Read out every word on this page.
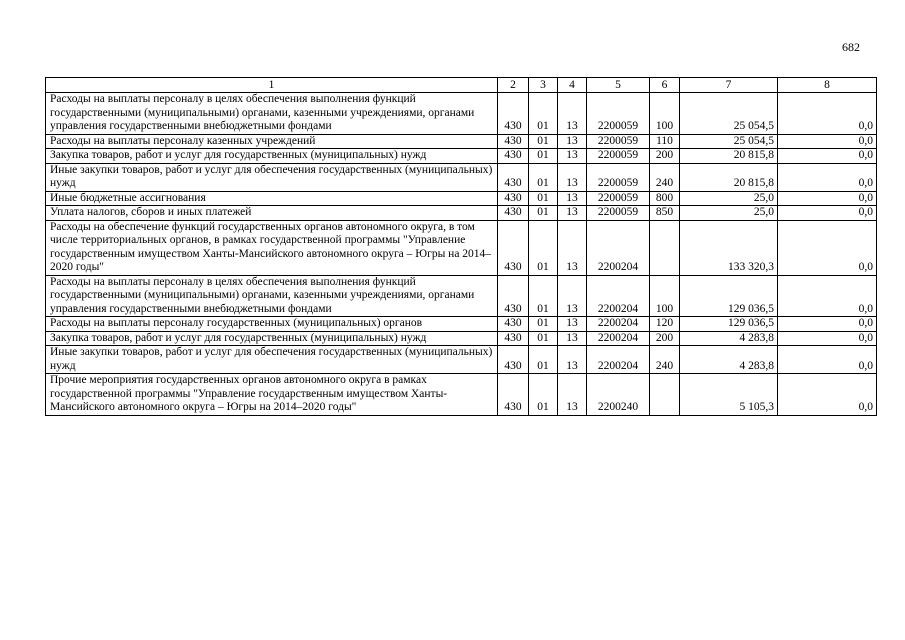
682
1	2	3	4	5	6	7	8
Расходы на выплаты персоналу в целях обеспечения выполнения функций государственными (муниципальными) органами, казенными учреждениями, органами управления государственными внебюджетными фондами	430	01	13	2200059	100	25 054,5	0,0
Расходы на выплаты персоналу казенных учреждений	430	01	13	2200059	110	25 054,5	0,0
Закупка товаров, работ и услуг для государственных (муниципальных) нужд	430	01	13	2200059	200	20 815,8	0,0
Иные закупки товаров, работ и услуг для обеспечения государственных (муниципальных) нужд	430	01	13	2200059	240	20 815,8	0,0
Иные бюджетные ассигнования	430	01	13	2200059	800	25,0	0,0
Уплата налогов, сборов и иных платежей	430	01	13	2200059	850	25,0	0,0
Расходы на обеспечение функций государственных органов автономного округа, в том числе территориальных органов, в рамках государственной программы "Управление государственным имуществом Ханты-Мансийского автономного округа – Югры на 2014–2020 годы"	430	01	13	2200204		133 320,3	0,0
Расходы на выплаты персоналу в целях обеспечения выполнения функций государственными (муниципальными) органами, казенными учреждениями, органами управления государственными внебюджетными фондами	430	01	13	2200204	100	129 036,5	0,0
Расходы на выплаты персоналу государственных (муниципальных) органов	430	01	13	2200204	120	129 036,5	0,0
Закупка товаров, работ и услуг для государственных (муниципальных) нужд	430	01	13	2200204	200	4 283,8	0,0
Иные закупки товаров, работ и услуг для обеспечения государственных (муниципальных) нужд	430	01	13	2200204	240	4 283,8	0,0
Прочие мероприятия государственных органов автономного округа в рамках государственной программы "Управление государственным имуществом Ханты-Мансийского автономного округа – Югры на 2014–2020 годы"	430	01	13	2200240		5 105,3	0,0
